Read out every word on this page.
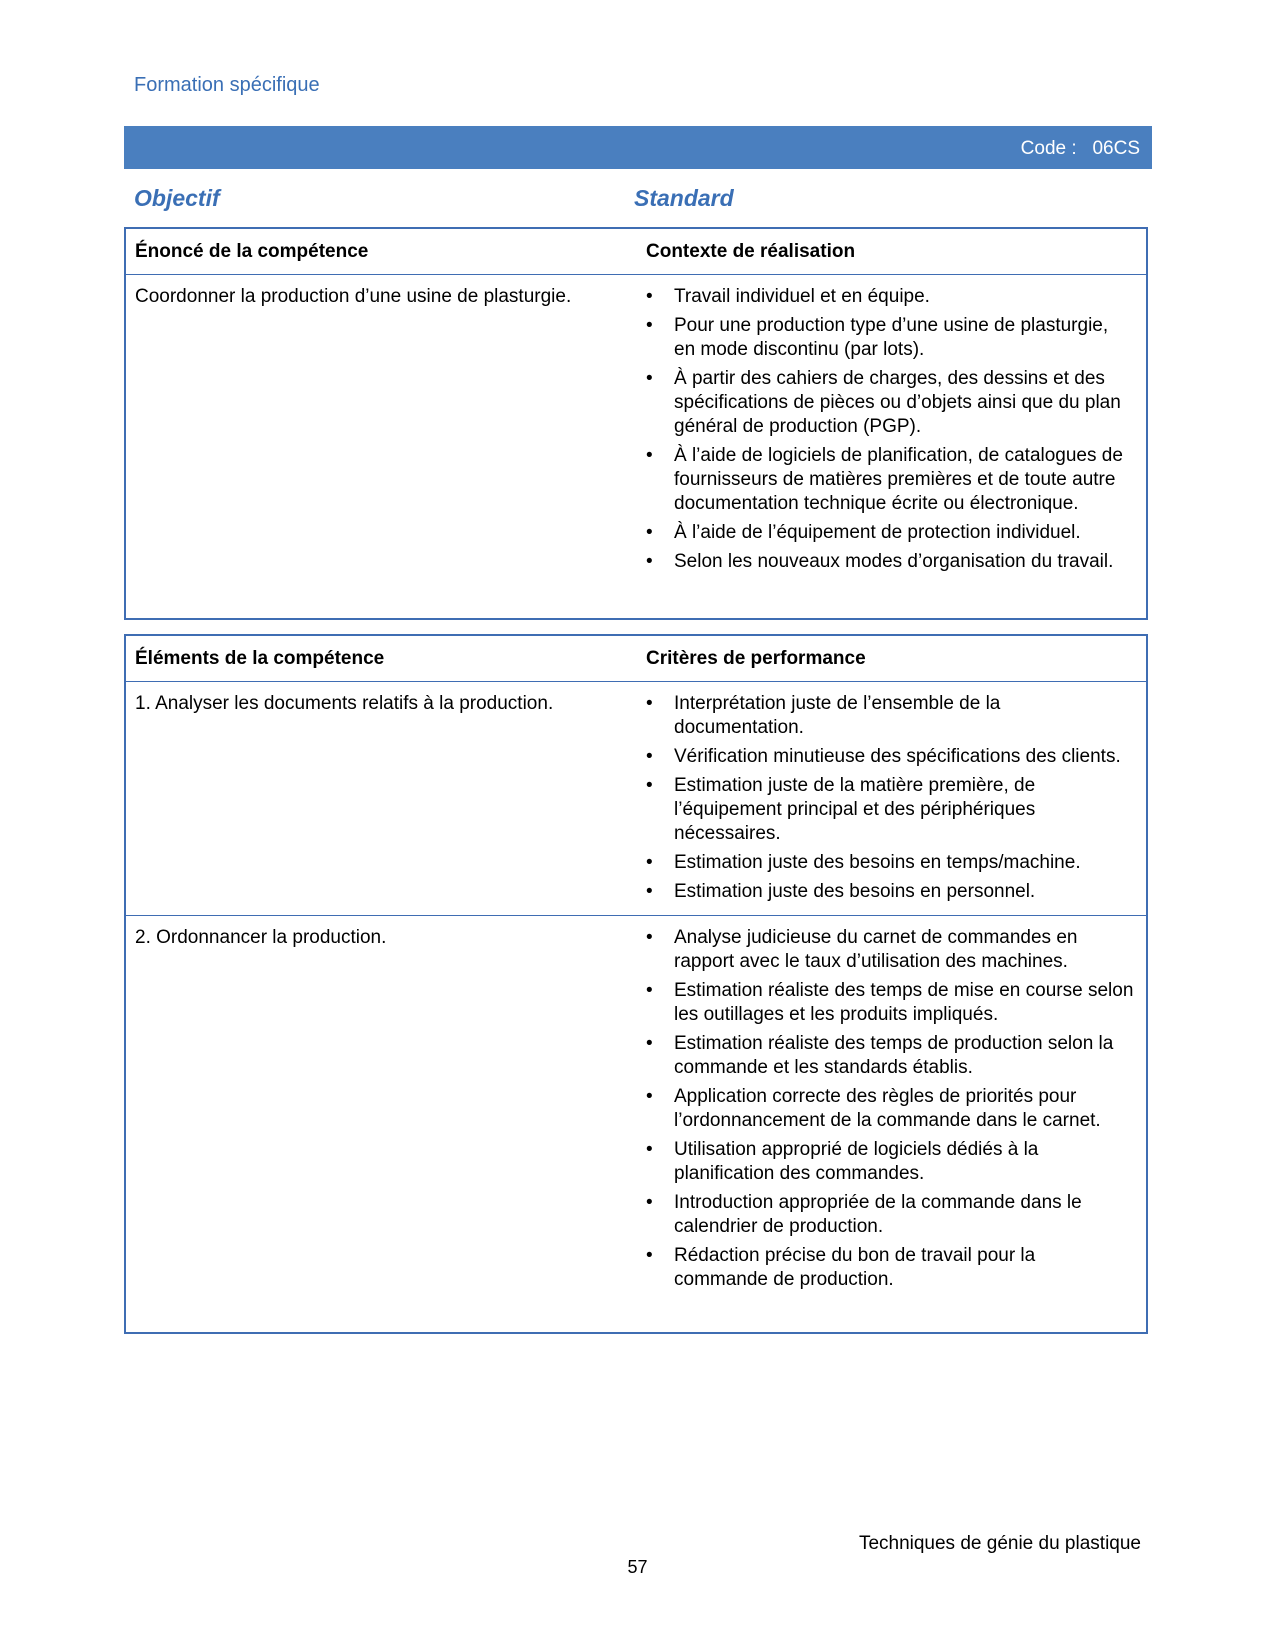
Formation spécifique
Code :   06CS
Objectif	Standard
Énoncé de la compétence	Contexte de réalisation
Coordonner la production d’une usine de plasturgie.	• Travail individuel et en équipe.
• Pour une production type d’une usine de plasturgie, en mode discontinu (par lots).
• À partir des cahiers de charges, des dessins et des spécifications de pièces ou d’objets ainsi que du plan général de production (PGP).
• À l’aide de logiciels de planification, de catalogues de fournisseurs de matières premières et de toute autre documentation technique écrite ou électronique.
• À l’aide de l’équipement de protection individuel.
• Selon les nouveaux modes d’organisation du travail.
Éléments de la compétence	Critères de performance
1. Analyser les documents relatifs à la production.	• Interprétation juste de l’ensemble de la documentation.
• Vérification minutieuse des spécifications des clients.
• Estimation juste de la matière première, de l’équipement principal et des périphériques nécessaires.
• Estimation juste des besoins en temps/machine.
• Estimation juste des besoins en personnel.
2. Ordonnancer la production.	• Analyse judicieuse du carnet de commandes en rapport avec le taux d’utilisation des machines.
• Estimation réaliste des temps de mise en course selon les outillages et les produits impliqués.
• Estimation réaliste des temps de production selon la commande et les standards établis.
• Application correcte des règles de priorités pour l’ordonnancement de la commande dans le carnet.
• Utilisation approprié de logiciels dédiés à la planification des commandes.
• Introduction appropriée de la commande dans le calendrier de production.
• Rédaction précise du bon de travail pour la commande de production.
Techniques de génie du plastique
57
